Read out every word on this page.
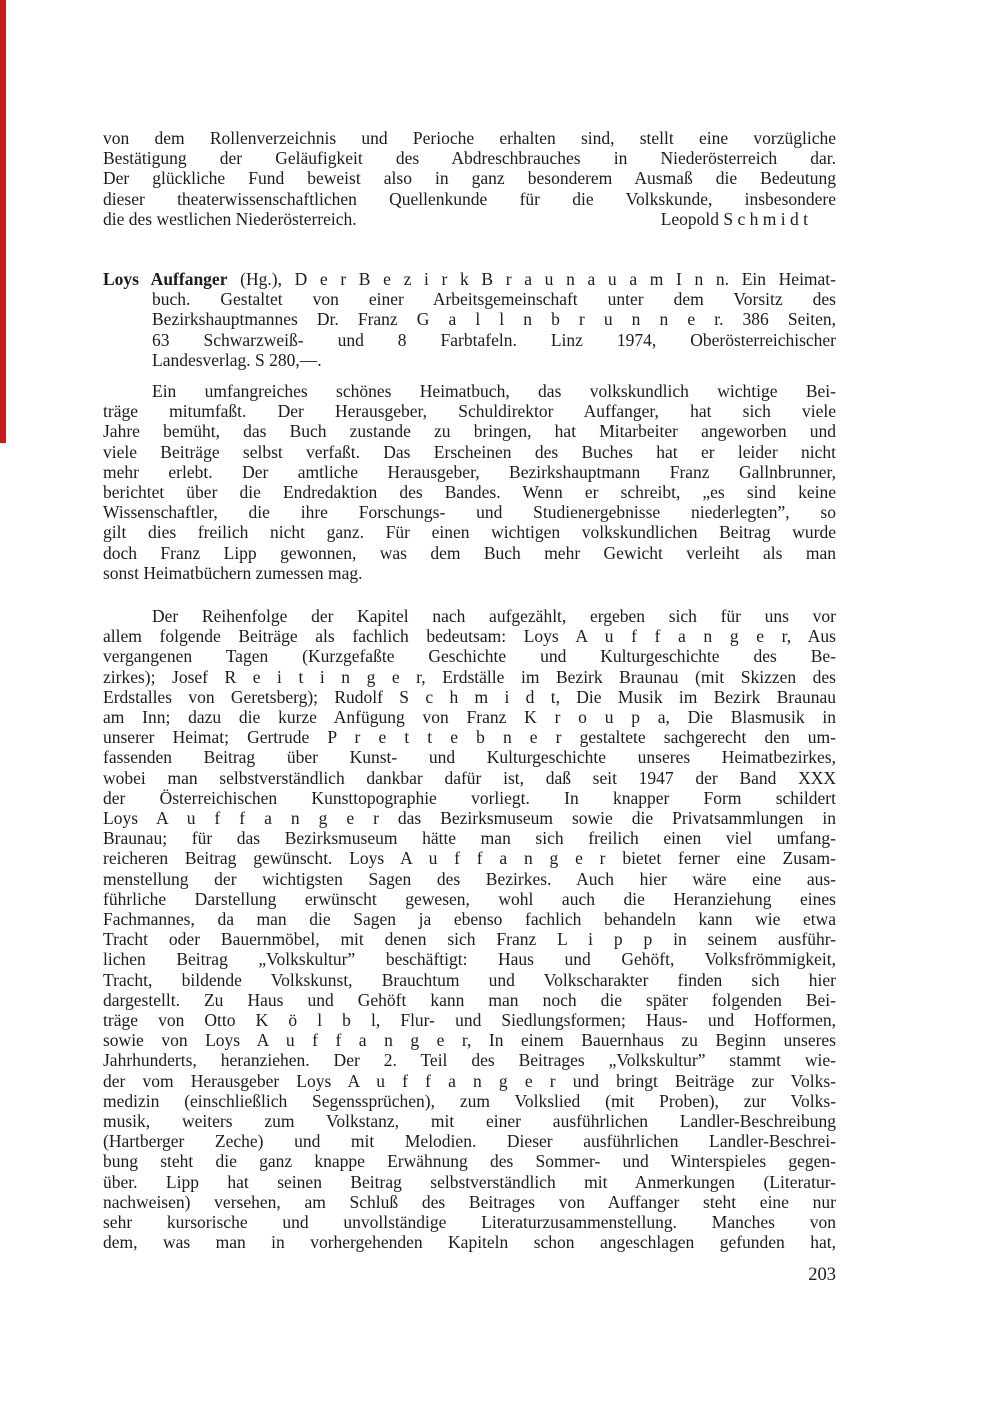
von dem Rollenverzeichnis und Perioche erhalten sind, stellt eine vorzügliche
Bestätigung der Geläufigkeit des Abdreschbrauches in Niederösterreich dar.
Der glückliche Fund beweist also in ganz besonderem Ausmaß die Bedeutung
dieser theaterwissenschaftlichen Quellenkunde für die Volkskunde, insbesondere
die des westlichen Niederösterreich.	Leopold S c h m i d t
Loys Auffanger (Hg.), D e r B e z i r k B r a u n a u a m I n n. Ein Heimat-
buch. Gestaltet von einer Arbeitsgemeinschaft unter dem Vorsitz des
Bezirkshauptmannes Dr. Franz G a l l n b r u n n e r. 386 Seiten,
63 Schwarzweiß- und 8 Farbtafeln. Linz 1974, Oberösterreichischer
Landesverlag. S 280,—.
Ein umfangreiches schönes Heimatbuch, das volkskundlich wichtige Bei-
träge mitumfaßt. Der Herausgeber, Schuldirektor Auffanger, hat sich viele
Jahre bemüht, das Buch zustande zu bringen, hat Mitarbeiter angeworben und
viele Beiträge selbst verfaßt. Das Erscheinen des Buches hat er leider nicht
mehr erlebt. Der amtliche Herausgeber, Bezirkshauptmann Franz Gallnbrunner,
berichtet über die Endredaktion des Bandes. Wenn er schreibt, „es sind keine
Wissenschaftler, die ihre Forschungs- und Studienergebnisse niederlegten”, so
gilt dies freilich nicht ganz. Für einen wichtigen volkskundlichen Beitrag wurde
doch Franz Lipp gewonnen, was dem Buch mehr Gewicht verleiht als man
sonst Heimatbüchern zumessen mag.
Der Reihenfolge der Kapitel nach aufgezählt, ergeben sich für uns vor
allem folgende Beiträge als fachlich bedeutsam: Loys A u f f a n g e r, Aus
vergangenen Tagen (Kurzgefaßte Geschichte und Kulturgeschichte des Be-
zirkes); Josef R e i t i n g e r, Erdställe im Bezirk Braunau (mit Skizzen des
Erdstalles von Geretsberg); Rudolf S c h m i d t, Die Musik im Bezirk Braunau
am Inn; dazu die kurze Anfügung von Franz K r o u p a, Die Blasmusik in
unserer Heimat; Gertrude P r e t t e b n e r gestaltete sachgerecht den um-
fassenden Beitrag über Kunst- und Kulturgeschichte unseres Heimatbezirkes,
wobei man selbstverständlich dankbar dafür ist, daß seit 1947 der Band XXX
der Österreichischen Kunsttopographie vorliegt. In knapper Form schildert
Loys A u f f a n g e r das Bezirksmuseum sowie die Privatsammlungen in
Braunau; für das Bezirksmuseum hätte man sich freilich einen viel umfang-
reicheren Beitrag gewünscht. Loys A u f f a n g e r bietet ferner eine Zusam-
menstellung der wichtigsten Sagen des Bezirkes. Auch hier wäre eine aus-
führliche Darstellung erwünscht gewesen, wohl auch die Heranziehung eines
Fachmannes, da man die Sagen ja ebenso fachlich behandeln kann wie etwa
Tracht oder Bauernmöbel, mit denen sich Franz L i p p in seinem ausführ-
lichen Beitrag „Volkskultur” beschäftigt: Haus und Gehöft, Volksfrömmigkeit,
Tracht, bildende Volkskunst, Brauchtum und Volkscharakter finden sich hier
dargestellt. Zu Haus und Gehöft kann man noch die später folgenden Bei-
träge von Otto K ö l b l, Flur- und Siedlungsformen; Haus- und Hofformen,
sowie von Loys A u f f a n g e r, In einem Bauernhaus zu Beginn unseres
Jahrhunderts, heranziehen. Der 2. Teil des Beitrages „Volkskultur” stammt wie-
der vom Herausgeber Loys A u f f a n g e r und bringt Beiträge zur Volks-
medizin (einschließlich Segenssprüchen), zum Volkslied (mit Proben), zur Volks-
musik, weiters zum Volkstanz, mit einer ausführlichen Landler-Beschreibung
(Hartberger Zeche) und mit Melodien. Dieser ausführlichen Landler-Beschrei-
bung steht die ganz knappe Erwähnung des Sommer- und Winterspieles gegen-
über. Lipp hat seinen Beitrag selbstverständlich mit Anmerkungen (Literatur-
nachweisen) versehen, am Schluß des Beitrages von Auffanger steht eine nur
sehr kursorische und unvollständige Literaturzusammenstellung. Manches von
dem, was man in vorhergehenden Kapiteln schon angeschlagen gefunden hat,
203
